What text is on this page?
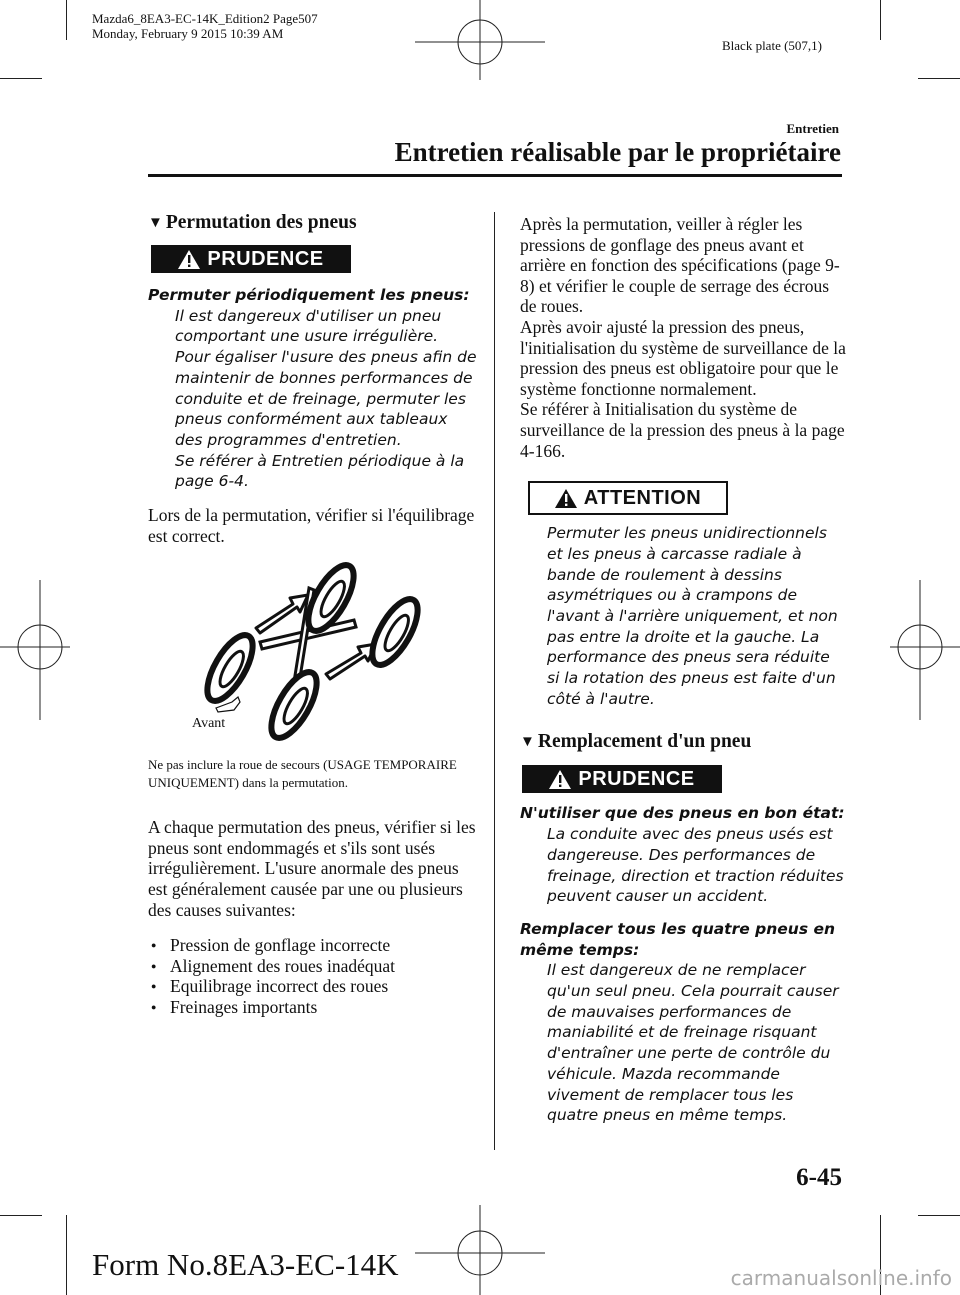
Mazda6_8EA3-EC-14K_Edition2 Page507
Monday, February 9 2015 10:39 AM
Black plate (507,1)
Entretien
Entretien réalisable par le propriétaire
▼ Permutation des pneus
PRUDENCE
Permuter périodiquement les pneus:
Il est dangereux d'utiliser un pneu comportant une usure irrégulière. Pour égaliser l'usure des pneus afin de maintenir de bonnes performances de conduite et de freinage, permuter les pneus conformément aux tableaux des programmes d'entretien.
Se référer à Entretien périodique à la page 6-4.
Lors de la permutation, vérifier si l'équilibrage est correct.
Avant
Ne pas inclure la roue de secours (USAGE TEMPORAIRE UNIQUEMENT) dans la permutation.
A chaque permutation des pneus, vérifier si les pneus sont endommagés et s'ils sont usés irrégulièrement. L'usure anormale des pneus est généralement causée par une ou plusieurs des causes suivantes:
● Pression de gonflage incorrecte
● Alignement des roues inadéquat
● Equilibrage incorrect des roues
● Freinages importants
Après la permutation, veiller à régler les pressions de gonflage des pneus avant et arrière en fonction des spécifications (page 9-8) et vérifier le couple de serrage des écrous de roues.
Après avoir ajusté la pression des pneus, l'initialisation du système de surveillance de la pression des pneus est obligatoire pour que le système fonctionne normalement.
Se référer à Initialisation du système de surveillance de la pression des pneus à la page 4-166.
ATTENTION
Permuter les pneus unidirectionnels et les pneus à carcasse radiale à bande de roulement à dessins asymétriques ou à crampons de l'avant à l'arrière uniquement, et non pas entre la droite et la gauche. La performance des pneus sera réduite si la rotation des pneus est faite d'un côté à l'autre.
▼ Remplacement d'un pneu
PRUDENCE
N'utiliser que des pneus en bon état:
La conduite avec des pneus usés est dangereuse. Des performances de freinage, direction et traction réduites peuvent causer un accident.
Remplacer tous les quatre pneus en même temps:
Il est dangereux de ne remplacer qu'un seul pneu. Cela pourrait causer de mauvaises performances de maniabilité et de freinage risquant d'entraîner une perte de contrôle du véhicule. Mazda recommande vivement de remplacer tous les quatre pneus en même temps.
6-45
Form No.8EA3-EC-14K	carmanualsonline.info
